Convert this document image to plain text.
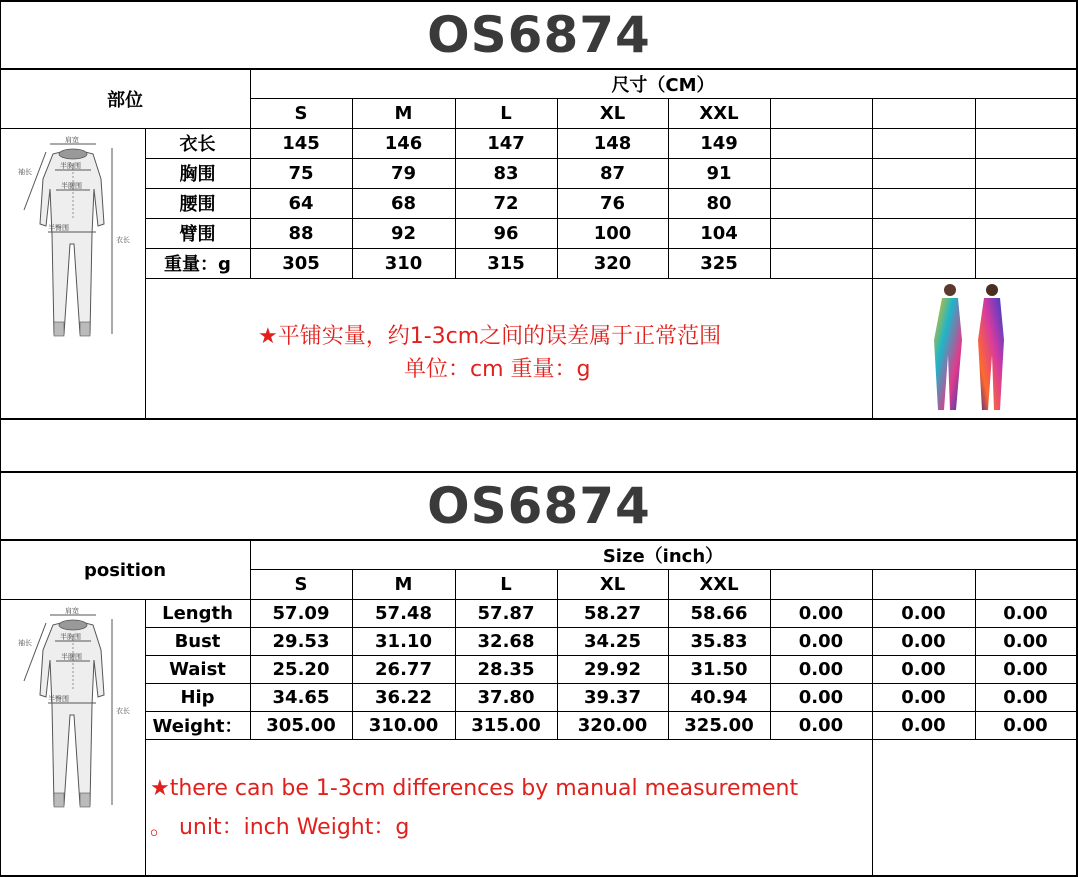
OS6874
部位
尺寸（CM）
S	M	L	XL	XXL
衣长	145	146	147	148	149
胸围	75	79	83	87	91
腰围	64	68	72	76	80
臂围	88	92	96	100	104
重量：g	305	310	315	320	325
★平铺实量，约1-3cm之间的误差属于正常范围
单位：cm 重量：g
肩宽
半胸围
半腰围
半臀围
袖长
衣长
OS6874
position
Size（inch）
S	M	L	XL	XXL
Length	57.09	57.48	57.87	58.27	58.66	0.00	0.00	0.00
Bust	29.53	31.10	32.68	34.25	35.83	0.00	0.00	0.00
Waist	25.20	26.77	28.35	29.92	31.50	0.00	0.00	0.00
Hip	34.65	36.22	37.80	39.37	40.94	0.00	0.00	0.00
Weight：	305.00	310.00	315.00	320.00	325.00	0.00	0.00	0.00
★there can be 1-3cm differences by manual measurement
。 unit：inch Weight：g
肩宽
半胸围
半腰围
半臀围
袖长
衣长
